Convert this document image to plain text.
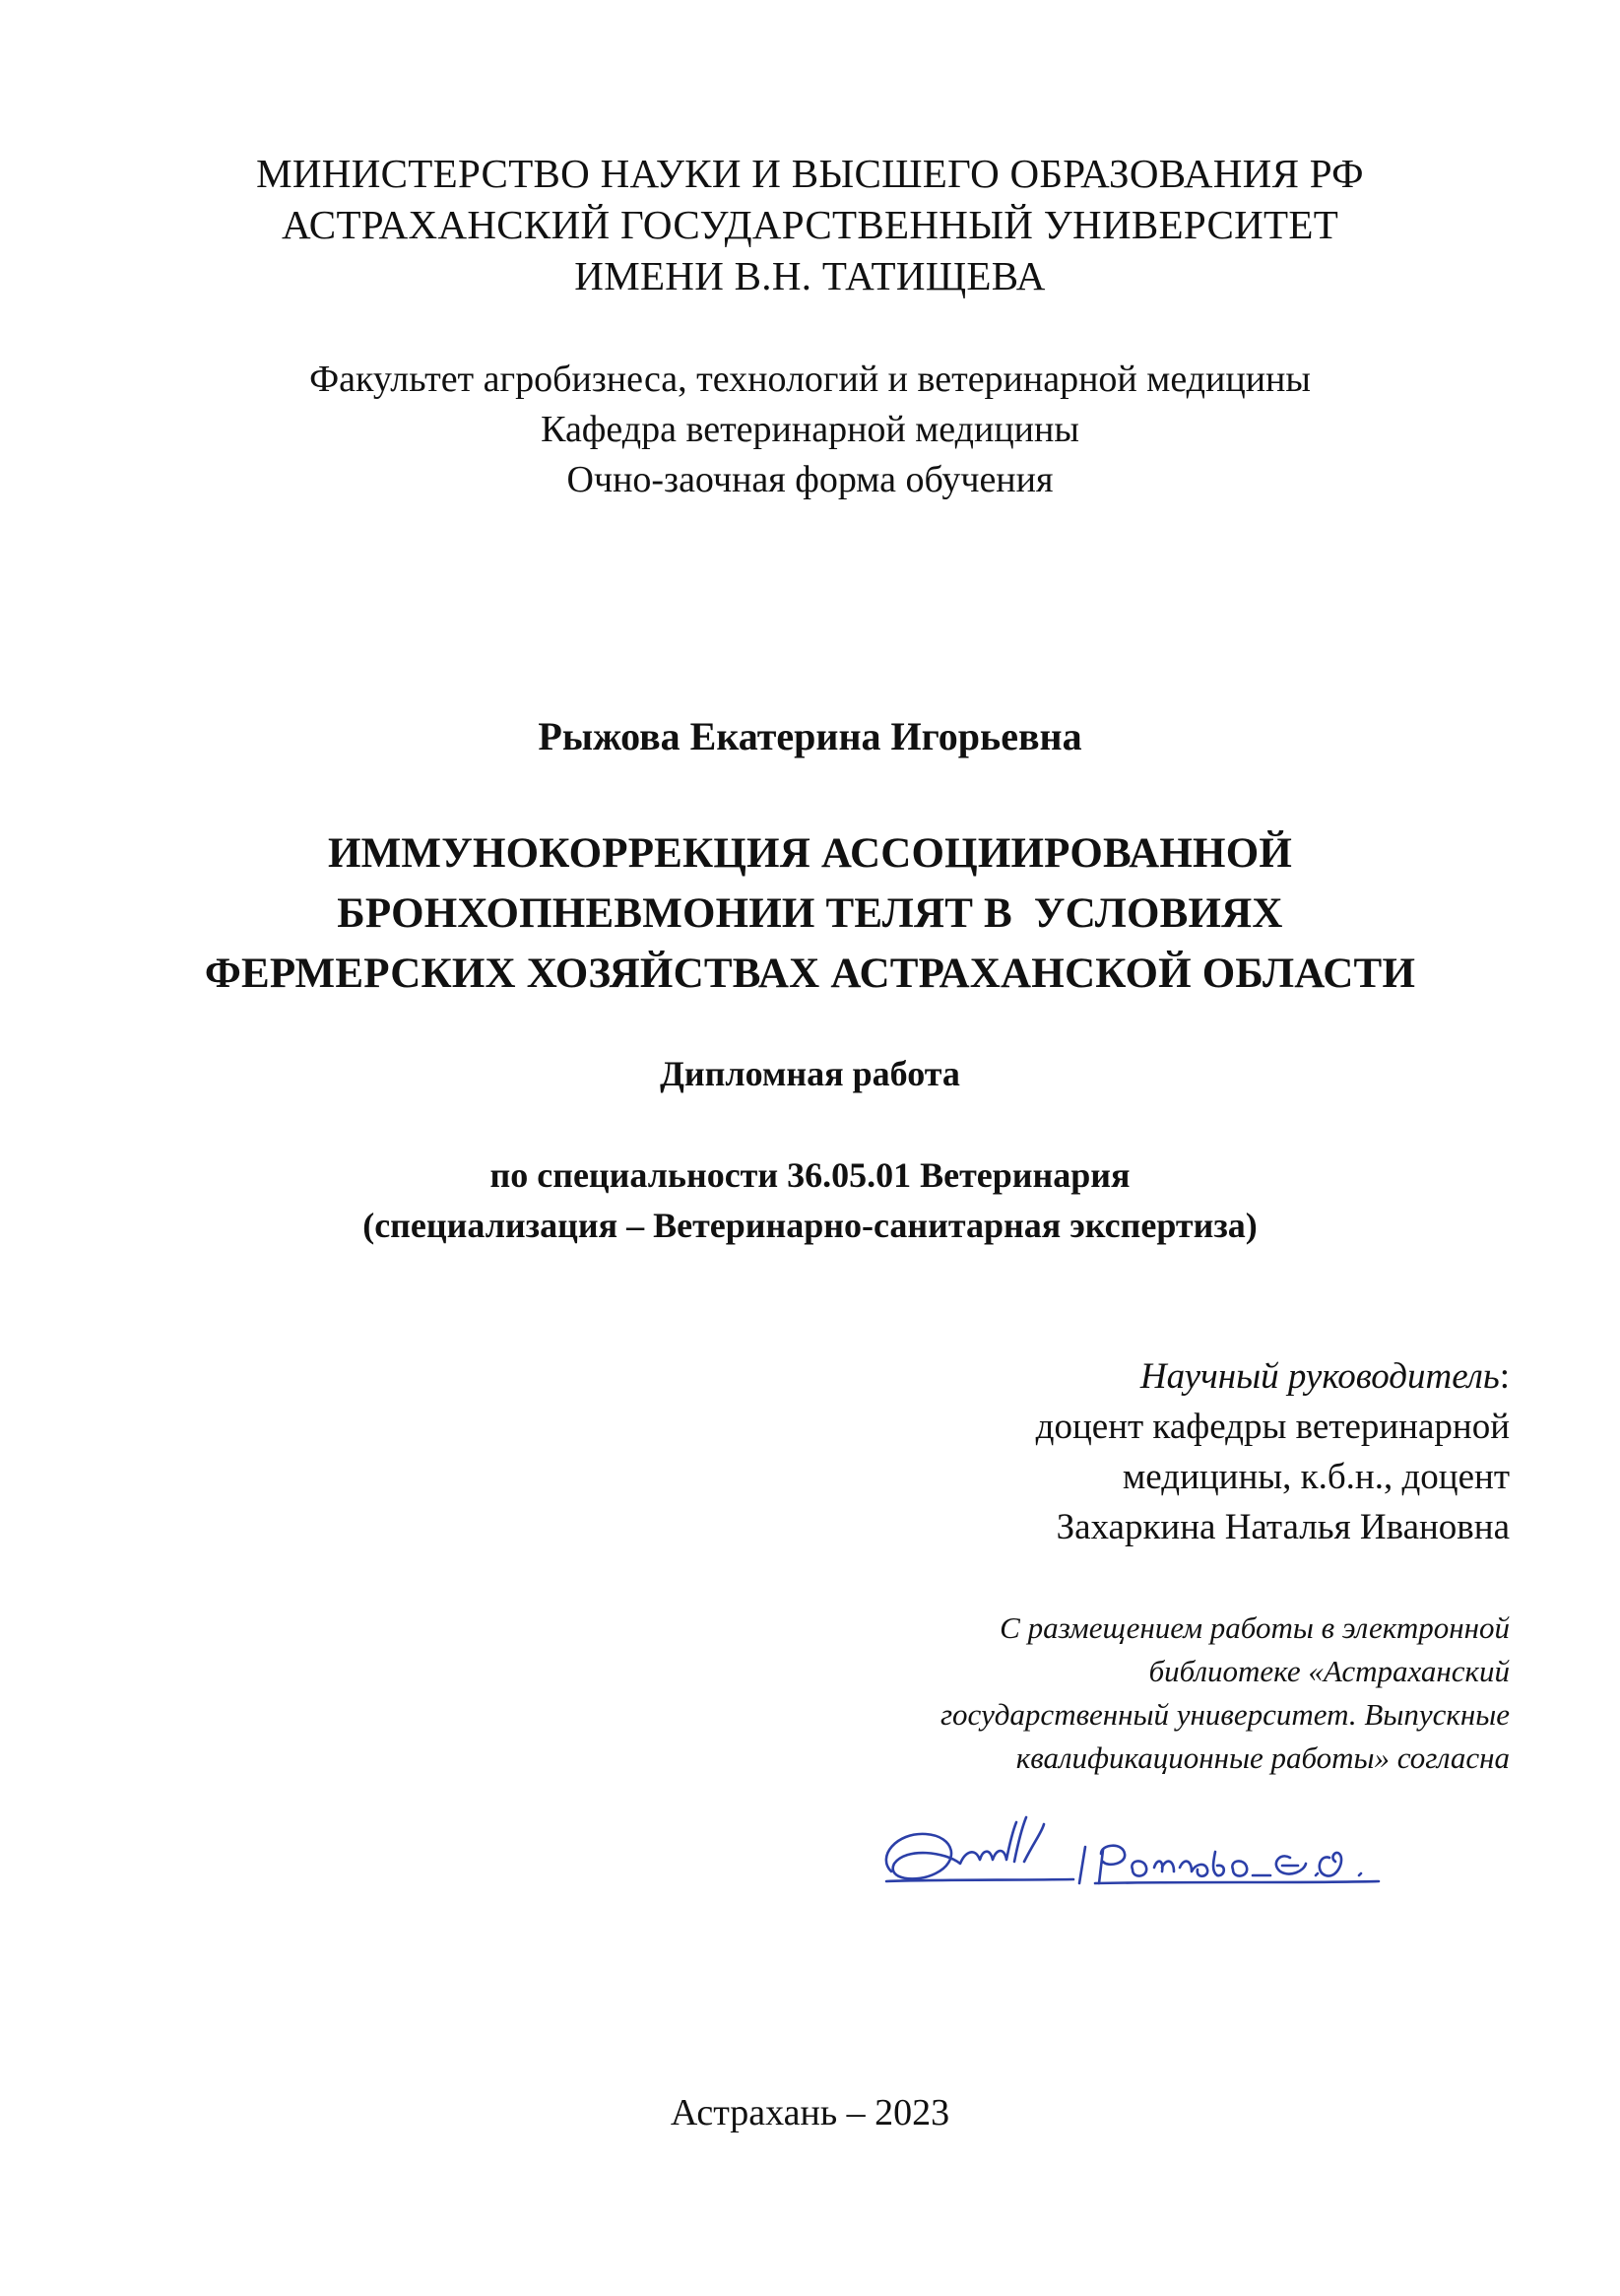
МИНИСТЕРСТВО НАУКИ И ВЫСШЕГО ОБРАЗОВАНИЯ РФ
АСТРАХАНСКИЙ ГОСУДАРСТВЕННЫЙ УНИВЕРСИТЕТ
ИМЕНИ В.Н. ТАТИЩЕВА
Факультет агробизнеса, технологий и ветеринарной медицины
Кафедра ветеринарной медицины
Очно-заочная форма обучения
Рыжова Екатерина Игорьевна
ИММУНОКОРРЕКЦИЯ АССОЦИИРОВАННОЙ
БРОНХОПНЕВМОНИИ ТЕЛЯТ В  УСЛОВИЯХ
ФЕРМЕРСКИХ ХОЗЯЙСТВАХ АСТРАХАНСКОЙ ОБЛАСТИ
Дипломная работа
по специальности 36.05.01 Ветеринария
(специализация – Ветеринарно-санитарная экспертиза)
Научный руководитель:
доцент кафедры ветеринарной
медицины, к.б.н., доцент
Захаркина Наталья Ивановна
С размещением работы в электронной
библиотеке «Астраханский
государственный университет. Выпускные
квалификационные работы» согласна
Астрахань – 2023
